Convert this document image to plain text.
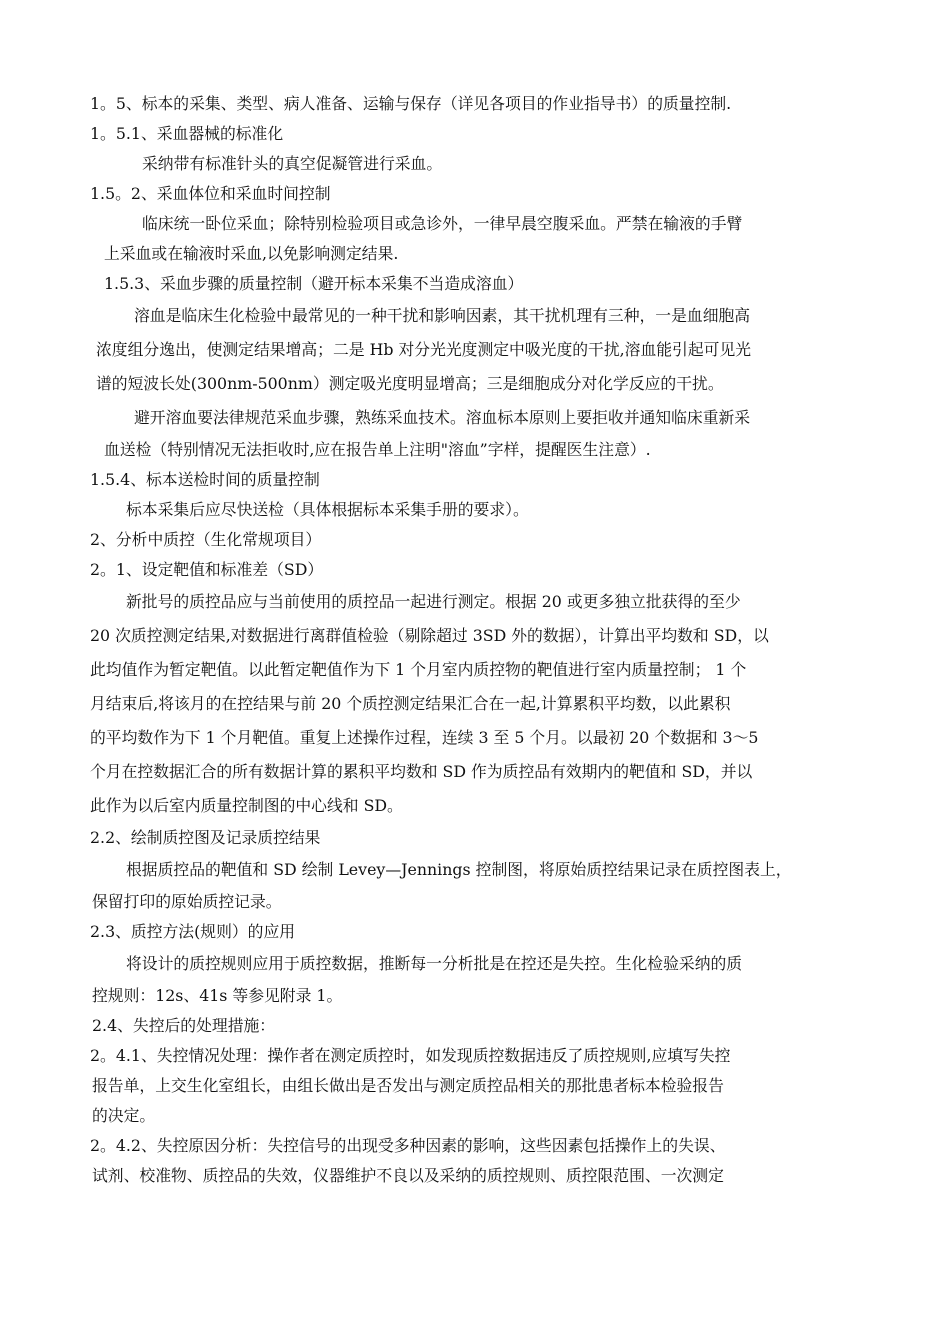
1。5、标本的采集、类型、病人准备、运输与保存（详见各项目的作业指导书）的质量控制.
1。5.1、采血器械的标准化
采纳带有标准针头的真空促凝管进行采血。
1.5。2、采血体位和采血时间控制
临床统一卧位采血；除特别检验项目或急诊外，一律早晨空腹采血。严禁在输液的手臂
上采血或在输液时采血,以免影响测定结果.
1.5.3、采血步骤的质量控制（避开标本采集不当造成溶血）
溶血是临床生化检验中最常见的一种干扰和影响因素，其干扰机理有三种，一是血细胞高
浓度组分逸出，使测定结果增高；二是 Hb 对分光光度测定中吸光度的干扰,溶血能引起可见光
谱的短波长处(300nm-500nm）测定吸光度明显增高；三是细胞成分对化学反应的干扰。
避开溶血要法律规范采血步骤，熟练采血技术。溶血标本原则上要拒收并通知临床重新采
血送检（特别情况无法拒收时,应在报告单上注明"溶血”字样，提醒医生注意）.
1.5.4、标本送检时间的质量控制
标本采集后应尽快送检（具体根据标本采集手册的要求）。
2、分析中质控（生化常规项目）
2。1、设定靶值和标准差（SD）
新批号的质控品应与当前使用的质控品一起进行测定。根据 20 或更多独立批获得的至少
20 次质控测定结果,对数据进行离群值检验（剔除超过 3SD 外的数据），计算出平均数和 SD，以
此均值作为暂定靶值。以此暂定靶值作为下 1 个月室内质控物的靶值进行室内质量控制； 1 个
月结束后,将该月的在控结果与前 20 个质控测定结果汇合在一起,计算累积平均数，以此累积
的平均数作为下 1 个月靶值。重复上述操作过程，连续 3 至 5 个月。以最初 20 个数据和 3～5
个月在控数据汇合的所有数据计算的累积平均数和 SD 作为质控品有效期内的靶值和 SD，并以
此作为以后室内质量控制图的中心线和 SD。
2.2、绘制质控图及记录质控结果
根据质控品的靶值和 SD 绘制 Levey—Jennings 控制图，将原始质控结果记录在质控图表上，
保留打印的原始质控记录。
2.3、质控方法(规则）的应用
将设计的质控规则应用于质控数据，推断每一分析批是在控还是失控。生化检验采纳的质
控规则：12s、41s 等参见附录 1。
2.4、失控后的处理措施：
2。4.1、失控情况处理：操作者在测定质控时，如发现质控数据违反了质控规则,应填写失控
报告单，上交生化室组长，由组长做出是否发出与测定质控品相关的那批患者标本检验报告
的决定。
2。4.2、失控原因分析：失控信号的出现受多种因素的影响，这些因素包括操作上的失误、
试剂、校准物、质控品的失效，仪器维护不良以及采纳的质控规则、质控限范围、一次测定
